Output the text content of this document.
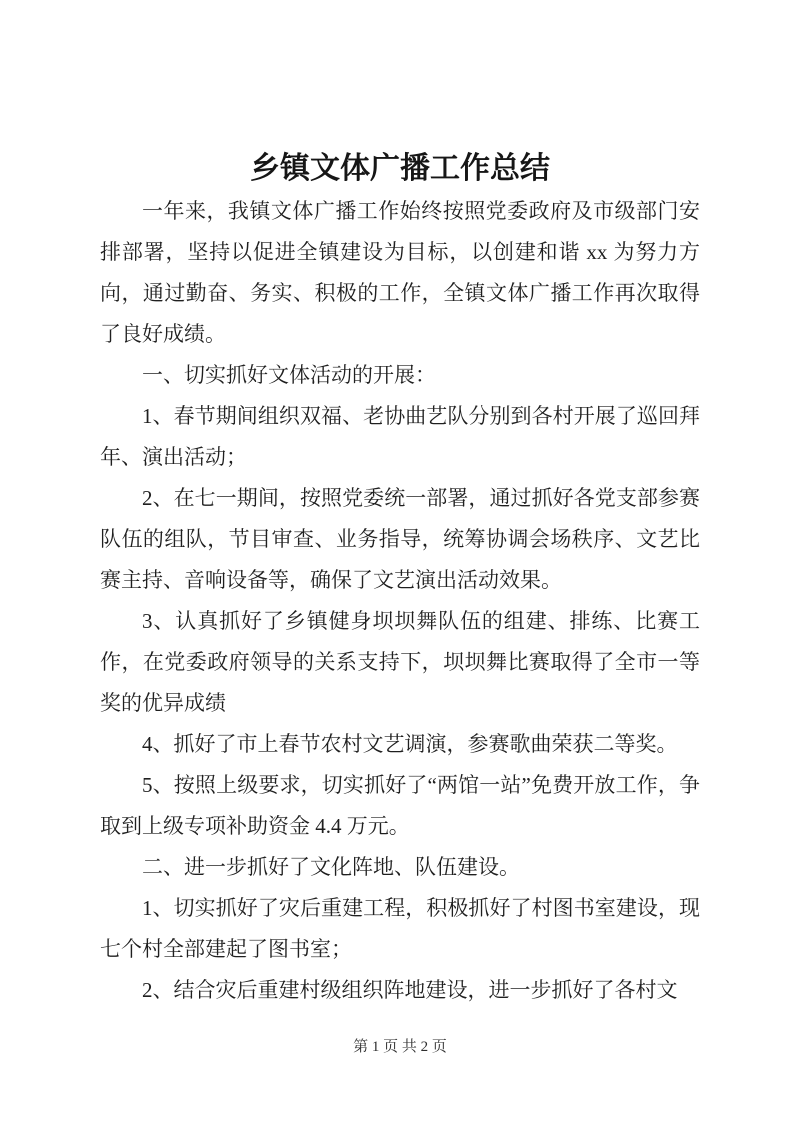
乡镇文体广播工作总结

一年来，我镇文体广播工作始终按照党委政府及市级部门安排部署，坚持以促进全镇建设为目标，以创建和谐 xx 为努力方向，通过勤奋、务实、积极的工作，全镇文体广播工作再次取得了良好成绩。

一、切实抓好文体活动的开展：

1、春节期间组织双福、老协曲艺队分别到各村开展了巡回拜年、演出活动；

2、在七一期间，按照党委统一部署，通过抓好各党支部参赛队伍的组队，节目审查、业务指导，统筹协调会场秩序、文艺比赛主持、音响设备等，确保了文艺演出活动效果。

3、认真抓好了乡镇健身坝坝舞队伍的组建、排练、比赛工作，在党委政府领导的关系支持下，坝坝舞比赛取得了全市一等奖的优异成绩

4、抓好了市上春节农村文艺调演，参赛歌曲荣获二等奖。

5、按照上级要求，切实抓好了“两馆一站”免费开放工作，争取到上级专项补助资金 4.4 万元。

二、进一步抓好了文化阵地、队伍建设。

1、切实抓好了灾后重建工程，积极抓好了村图书室建设，现七个村全部建起了图书室；

2、结合灾后重建村级组织阵地建设，进一步抓好了各村文

第 1 页 共 2 页
